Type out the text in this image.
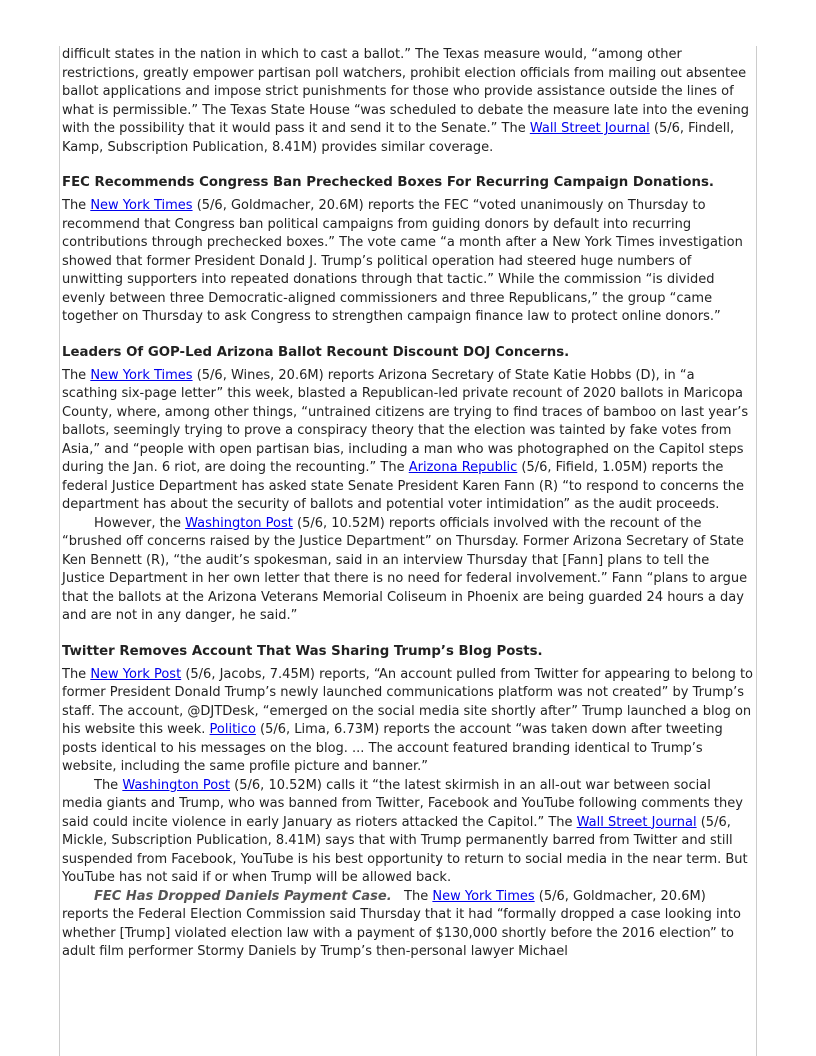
difficult states in the nation in which to cast a ballot.” The Texas measure would, “among other restrictions, greatly empower partisan poll watchers, prohibit election officials from mailing out absentee ballot applications and impose strict punishments for those who provide assistance outside the lines of what is permissible.” The Texas State House “was scheduled to debate the measure late into the evening with the possibility that it would pass it and send it to the Senate.” The Wall Street Journal (5/6, Findell, Kamp, Subscription Publication, 8.41M) provides similar coverage.

FEC Recommends Congress Ban Prechecked Boxes For Recurring Campaign Donations.

The New York Times (5/6, Goldmacher, 20.6M) reports the FEC “voted unanimously on Thursday to recommend that Congress ban political campaigns from guiding donors by default into recurring contributions through prechecked boxes.” The vote came “a month after a New York Times investigation showed that former President Donald J. Trump’s political operation had steered huge numbers of unwitting supporters into repeated donations through that tactic.” While the commission “is divided evenly between three Democratic-aligned commissioners and three Republicans,” the group “came together on Thursday to ask Congress to strengthen campaign finance law to protect online donors.”

Leaders Of GOP-Led Arizona Ballot Recount Discount DOJ Concerns.

The New York Times (5/6, Wines, 20.6M) reports Arizona Secretary of State Katie Hobbs (D), in “a scathing six-page letter” this week, blasted a Republican-led private recount of 2020 ballots in Maricopa County, where, among other things, “untrained citizens are trying to find traces of bamboo on last year’s ballots, seemingly trying to prove a conspiracy theory that the election was tainted by fake votes from Asia,” and “people with open partisan bias, including a man who was photographed on the Capitol steps during the Jan. 6 riot, are doing the recounting.” The Arizona Republic (5/6, Fifield, 1.05M) reports the federal Justice Department has asked state Senate President Karen Fann (R) “to respond to concerns the department has about the security of ballots and potential voter intimidation” as the audit proceeds.

However, the Washington Post (5/6, 10.52M) reports officials involved with the recount of the “brushed off concerns raised by the Justice Department” on Thursday. Former Arizona Secretary of State Ken Bennett (R), “the audit’s spokesman, said in an interview Thursday that [Fann] plans to tell the Justice Department in her own letter that there is no need for federal involvement.” Fann “plans to argue that the ballots at the Arizona Veterans Memorial Coliseum in Phoenix are being guarded 24 hours a day and are not in any danger, he said.”

Twitter Removes Account That Was Sharing Trump’s Blog Posts.

The New York Post (5/6, Jacobs, 7.45M) reports, “An account pulled from Twitter for appearing to belong to former President Donald Trump’s newly launched communications platform was not created” by Trump’s staff. The account, @DJTDesk, “emerged on the social media site shortly after” Trump launched a blog on his website this week. Politico (5/6, Lima, 6.73M) reports the account “was taken down after tweeting posts identical to his messages on the blog. ... The account featured branding identical to Trump’s website, including the same profile picture and banner.”

The Washington Post (5/6, 10.52M) calls it “the latest skirmish in an all-out war between social media giants and Trump, who was banned from Twitter, Facebook and YouTube following comments they said could incite violence in early January as rioters attacked the Capitol.” The Wall Street Journal (5/6, Mickle, Subscription Publication, 8.41M) says that with Trump permanently barred from Twitter and still suspended from Facebook, YouTube is his best opportunity to return to social media in the near term. But YouTube has not said if or when Trump will be allowed back.

FEC Has Dropped Daniels Payment Case.   The New York Times (5/6, Goldmacher, 20.6M) reports the Federal Election Commission said Thursday that it had “formally dropped a case looking into whether [Trump] violated election law with a payment of $130,000 shortly before the 2016 election” to adult film performer Stormy Daniels by Trump’s then-personal lawyer Michael
